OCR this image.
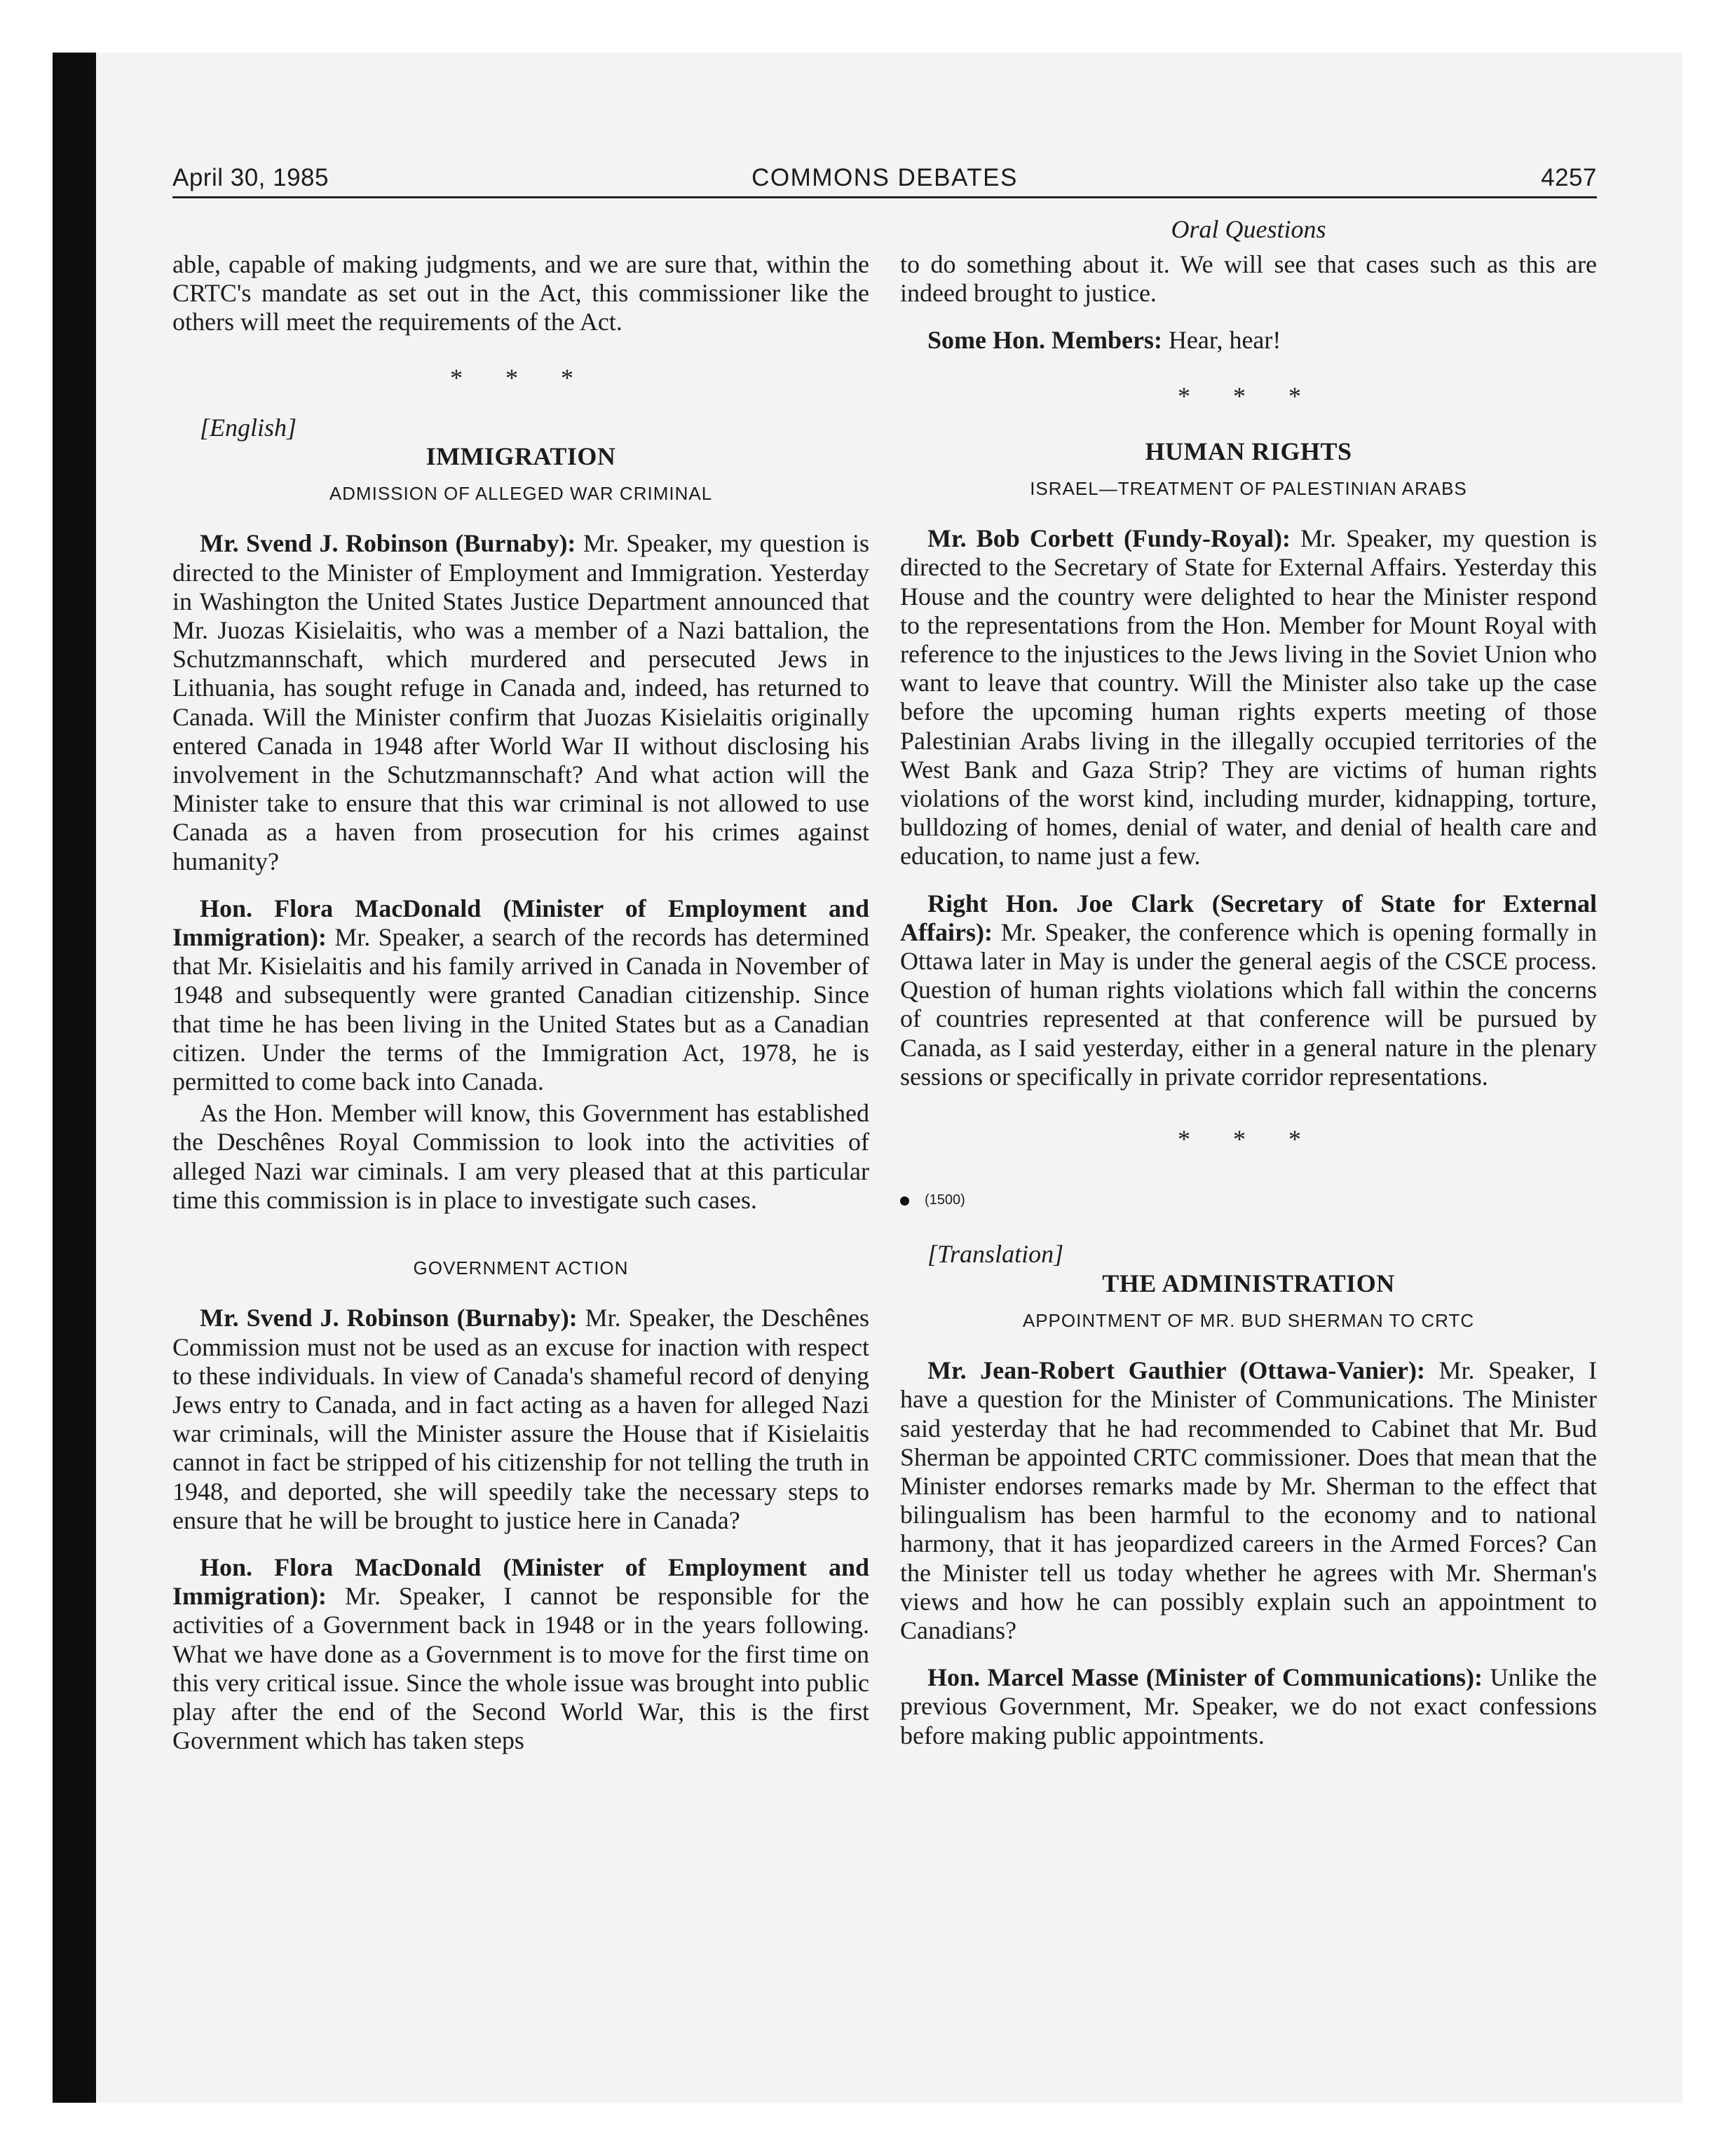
April 30, 1985	COMMONS DEBATES	4257
Oral Questions

able, capable of making judgments, and we are sure that, within the CRTC's mandate as set out in the Act, this commissioner like the others will meet the requirements of the Act.

* * *

[English]

IMMIGRATION
ADMISSION OF ALLEGED WAR CRIMINAL

Mr. Svend J. Robinson (Burnaby): Mr. Speaker, my question is directed to the Minister of Employment and Immigration. Yesterday in Washington the United States Justice Department announced that Mr. Juozas Kisielaitis, who was a member of a Nazi battalion, the Schutzmannschaft, which murdered and persecuted Jews in Lithuania, has sought refuge in Canada and, indeed, has returned to Canada. Will the Minister confirm that Juozas Kisielaitis originally entered Canada in 1948 after World War II without disclosing his involvement in the Schutzmannschaft? And what action will the Minister take to ensure that this war criminal is not allowed to use Canada as a haven from prosecution for his crimes against humanity?

Hon. Flora MacDonald (Minister of Employment and Immigration): Mr. Speaker, a search of the records has determined that Mr. Kisielaitis and his family arrived in Canada in November of 1948 and subsequently were granted Canadian citizenship. Since that time he has been living in the United States but as a Canadian citizen. Under the terms of the Immigration Act, 1978, he is permitted to come back into Canada.

As the Hon. Member will know, this Government has established the Deschênes Royal Commission to look into the activities of alleged Nazi war ciminals. I am very pleased that at this particular time this commission is in place to investigate such cases.

GOVERNMENT ACTION

Mr. Svend J. Robinson (Burnaby): Mr. Speaker, the Deschênes Commission must not be used as an excuse for inaction with respect to these individuals. In view of Canada's shameful record of denying Jews entry to Canada, and in fact acting as a haven for alleged Nazi war criminals, will the Minister assure the House that if Kisielaitis cannot in fact be stripped of his citizenship for not telling the truth in 1948, and deported, she will speedily take the necessary steps to ensure that he will be brought to justice here in Canada?

Hon. Flora MacDonald (Minister of Employment and Immigration): Mr. Speaker, I cannot be responsible for the activities of a Government back in 1948 or in the years following. What we have done as a Government is to move for the first time on this very critical issue. Since the whole issue was brought into public play after the end of the Second World War, this is the first Government which has taken steps

to do something about it. We will see that cases such as this are indeed brought to justice.

Some Hon. Members: Hear, hear!

* * *
HUMAN RIGHTS
ISRAEL—TREATMENT OF PALESTINIAN ARABS

Mr. Bob Corbett (Fundy-Royal): Mr. Speaker, my question is directed to the Secretary of State for External Affairs. Yesterday this House and the country were delighted to hear the Minister respond to the representations from the Hon. Member for Mount Royal with reference to the injustices to the Jews living in the Soviet Union who want to leave that country. Will the Minister also take up the case before the upcoming human rights experts meeting of those Palestinian Arabs living in the illegally occupied territories of the West Bank and Gaza Strip? They are victims of human rights violations of the worst kind, including murder, kidnapping, torture, bulldozing of homes, denial of water, and denial of health care and education, to name just a few.

Right Hon. Joe Clark (Secretary of State for External Affairs): Mr. Speaker, the conference which is opening formally in Ottawa later in May is under the general aegis of the CSCE process. Question of human rights violations which fall within the concerns of countries represented at that conference will be pursued by Canada, as I said yesterday, either in a general nature in the plenary sessions or specifically in private corridor representations.

* * *
(1500)

[Translation]

THE ADMINISTRATION
APPOINTMENT OF MR. BUD SHERMAN TO CRTC

Mr. Jean-Robert Gauthier (Ottawa-Vanier): Mr. Speaker, I have a question for the Minister of Communications. The Minister said yesterday that he had recommended to Cabinet that Mr. Bud Sherman be appointed CRTC commissioner. Does that mean that the Minister endorses remarks made by Mr. Sherman to the effect that bilingualism has been harmful to the economy and to national harmony, that it has jeopardized careers in the Armed Forces? Can the Minister tell us today whether he agrees with Mr. Sherman's views and how he can possibly explain such an appointment to Canadians?

Hon. Marcel Masse (Minister of Communications): Unlike the previous Government, Mr. Speaker, we do not exact confessions before making public appointments.
